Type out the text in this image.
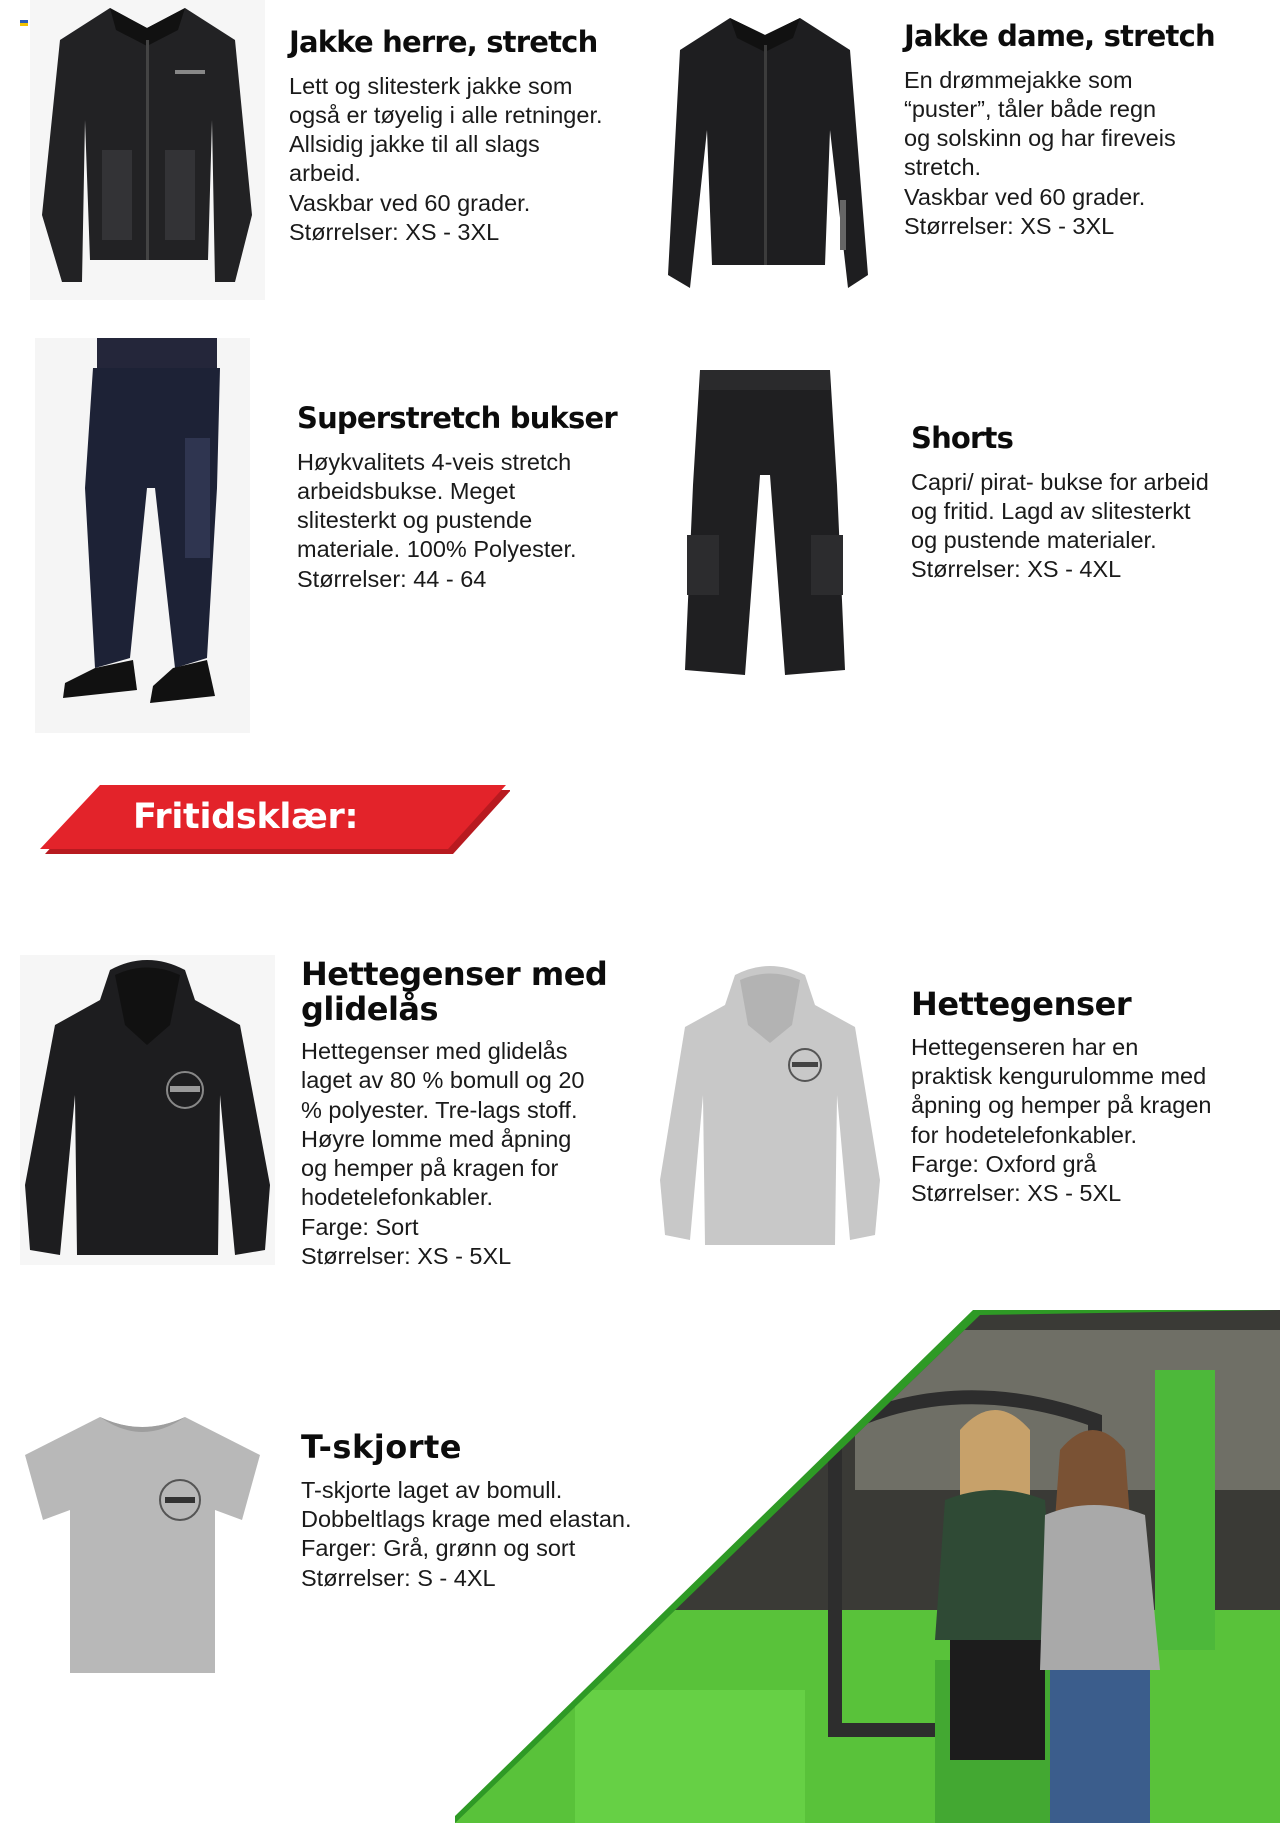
Jakke herre, stretch
Lett og slitesterk jakke som
også er tøyelig i alle retninger.
Allsidig jakke til all slags
arbeid.
Vaskbar ved 60 grader.
Størrelser: XS - 3XL
Jakke dame, stretch
En drømmejakke som
“puster”, tåler både regn
og solskinn og har fireveis
stretch.
Vaskbar ved 60 grader.
Størrelser: XS - 3XL
Superstretch bukser
Høykvalitets 4-veis stretch
arbeidsbukse. Meget
slitesterkt og pustende
materiale. 100% Polyester.
Størrelser: 44 - 64
Shorts
Capri/ pirat- bukse for arbeid
og fritid. Lagd av slitesterkt
og pustende materialer.
Størrelser: XS - 4XL
Fritidsklær:
Hettegenser med
glidelås
Hettegenser med glidelås
laget av 80 % bomull og 20
% polyester. Tre-lags stoff.
Høyre lomme med åpning
og hemper på kragen for
hodetelefonkabler.
Farge: Sort
Størrelser: XS - 5XL
Hettegenser
Hettegenseren har en
praktisk kengurulomme med
åpning og hemper på kragen
for hodetelefonkabler.
Farge: Oxford grå
Størrelser: XS - 5XL
T-skjorte
T-skjorte laget av bomull.
Dobbeltlags krage med elastan.
Farger: Grå, grønn og sort
Størrelser: S - 4XL
